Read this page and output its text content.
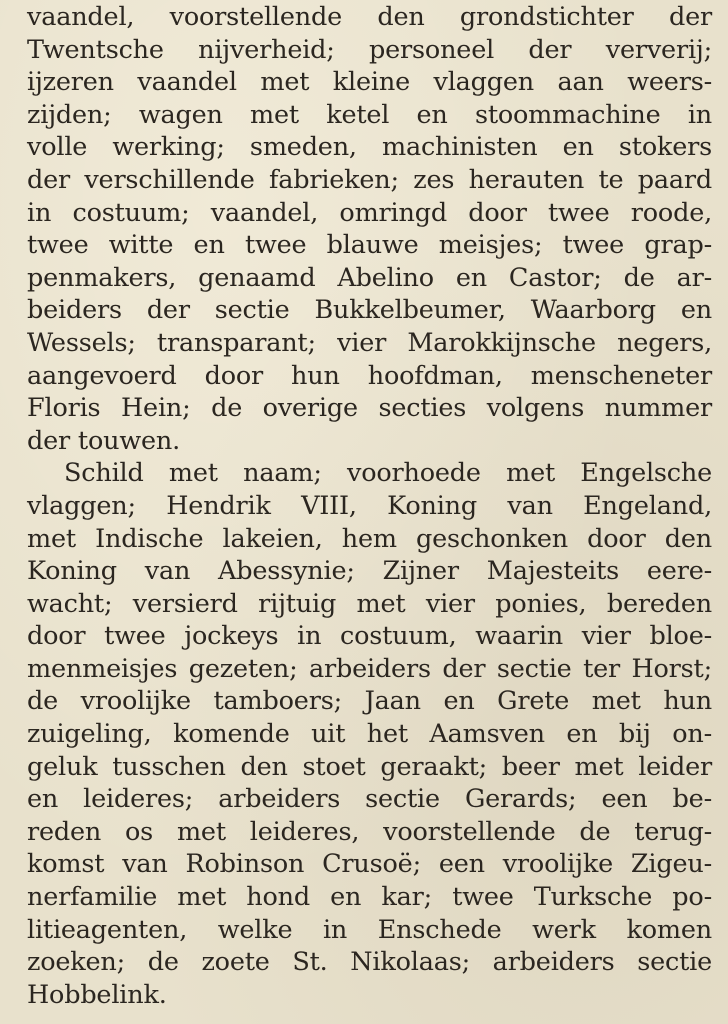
vaandel, voorstellende den grondstichter der
Twentsche nijverheid; personeel der ververij;
ijzeren vaandel met kleine vlaggen aan weers-
zijden; wagen met ketel en stoommachine in
volle werking; smeden, machinisten en stokers
der verschillende fabrieken; zes herauten te paard
in costuum; vaandel, omringd door twee roode,
twee witte en twee blauwe meisjes; twee grap-
penmakers, genaamd Abelino en Castor; de ar-
beiders der sectie Bukkelbeumer, Waarborg en
Wessels; transparant; vier Marokkijnsche negers,
aangevoerd door hun hoofdman, menscheneter
Floris Hein; de overige secties volgens nummer
der touwen.
Schild met naam; voorhoede met Engelsche
vlaggen; Hendrik VIII, Koning van Engeland,
met Indische lakeien, hem geschonken door den
Koning van Abessynie; Zijner Majesteits eere-
wacht; versierd rijtuig met vier ponies, bereden
door twee jockeys in costuum, waarin vier bloe-
menmeisjes gezeten; arbeiders der sectie ter Horst;
de vroolijke tamboers; Jaan en Grete met hun
zuigeling, komende uit het Aamsven en bij on-
geluk tusschen den stoet geraakt; beer met leider
en leideres; arbeiders sectie Gerards; een be-
reden os met leideres, voorstellende de terug-
komst van Robinson Crusoë; een vroolijke Zigeu-
nerfamilie met hond en kar; twee Turksche po-
litieagenten, welke in Enschede werk komen
zoeken; de zoete St. Nikolaas; arbeiders sectie
Hobbelink.
